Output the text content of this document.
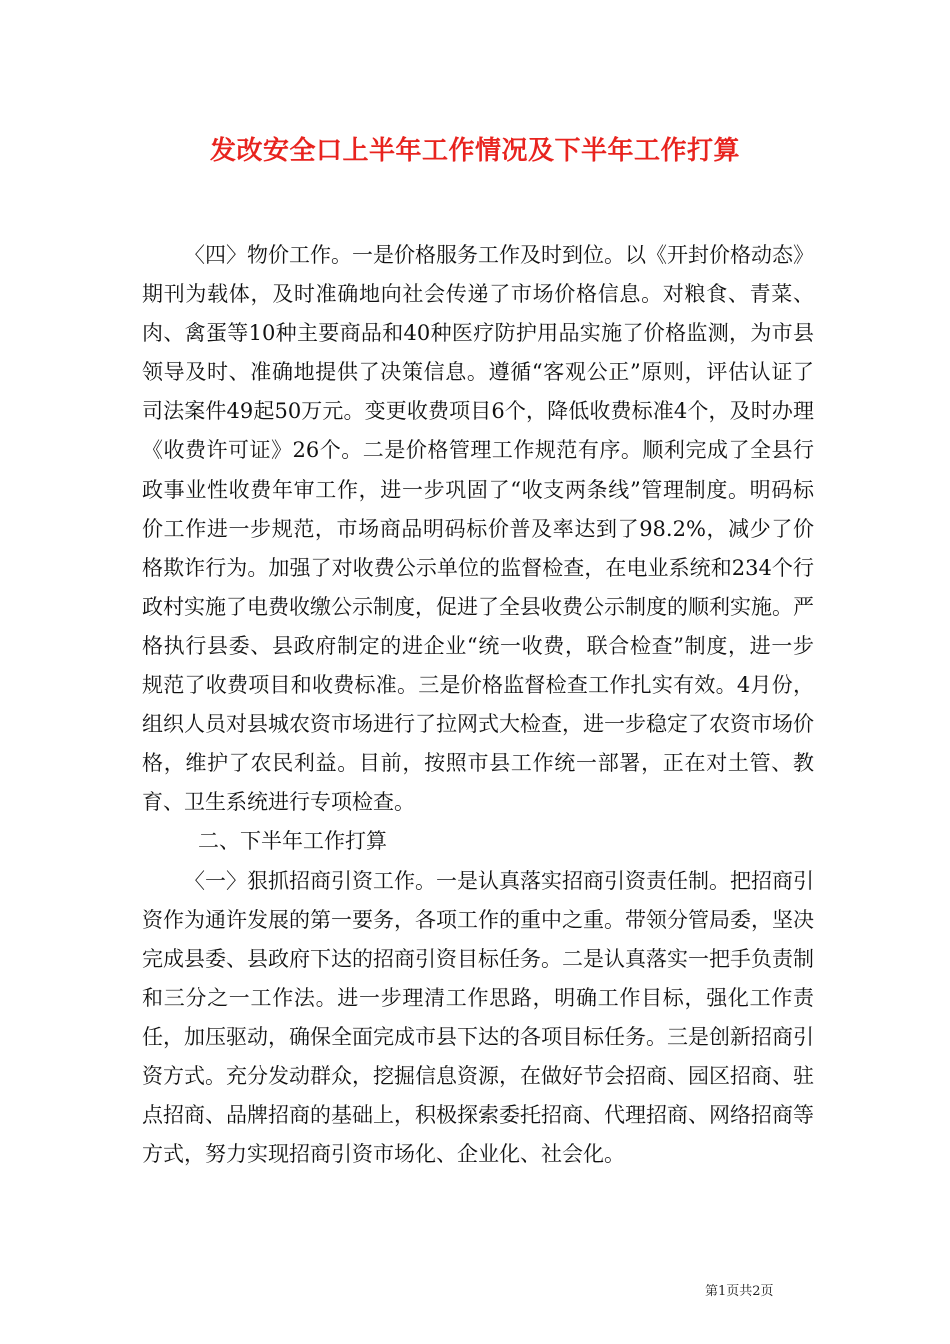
发改安全口上半年工作情况及下半年工作打算

〈四〉物价工作。一是价格服务工作及时到位。以《开封价格动态》期刊为载体，及时准确地向社会传递了市场价格信息。对粮食、青菜、肉、禽蛋等10种主要商品和40种医疗防护用品实施了价格监测，为市县领导及时、准确地提供了决策信息。遵循“客观公正”原则，评估认证了司法案件49起50万元。变更收费项目6个，降低收费标准4个，及时办理《收费许可证》26个。二是价格管理工作规范有序。顺利完成了全县行政事业性收费年审工作，进一步巩固了“收支两条线”管理制度。明码标价工作进一步规范，市场商品明码标价普及率达到了98.2%，减少了价格欺诈行为。加强了对收费公示单位的监督检查，在电业系统和234个行政村实施了电费收缴公示制度，促进了全县收费公示制度的顺利实施。严格执行县委、县政府制定的进企业“统一收费，联合检查”制度，进一步规范了收费项目和收费标准。三是价格监督检查工作扎实有效。4月份，组织人员对县城农资市场进行了拉网式大检查，进一步稳定了农资市场价格，维护了农民利益。目前，按照市县工作统一部署，正在对土管、教育、卫生系统进行专项检查。

二、下半年工作打算

〈一〉狠抓招商引资工作。一是认真落实招商引资责任制。把招商引资作为通许发展的第一要务，各项工作的重中之重。带领分管局委，坚决完成县委、县政府下达的招商引资目标任务。二是认真落实一把手负责制和三分之一工作法。进一步理清工作思路，明确工作目标，强化工作责任，加压驱动，确保全面完成市县下达的各项目标任务。三是创新招商引资方式。充分发动群众，挖掘信息资源，在做好节会招商、园区招商、驻点招商、品牌招商的基础上，积极探索委托招商、代理招商、网络招商等方式，努力实现招商引资市场化、企业化、社会化。

第1页共2页
